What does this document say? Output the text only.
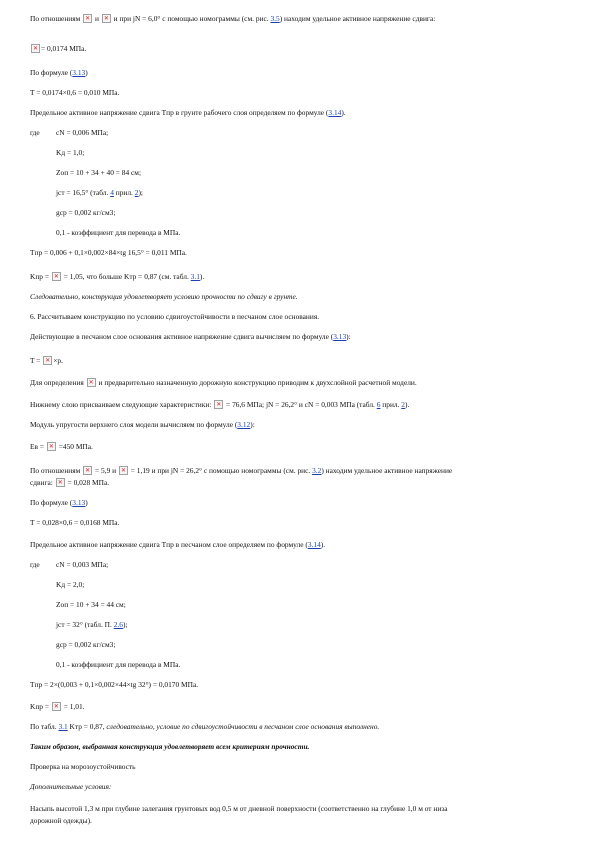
По отношениям ✕ и ✕ и при jN = 6,0° с помощью номограммы (см. рис. 3.5) находим удельное активное напряжение сдвига:
✕= 0,0174 МПа.
По формуле (3.13)
T = 0,0174×0,6 = 0,010 МПа.
Предельное активное напряжение сдвига Tпр в грунте рабочего слоя определяем по формуле (3.14).
где cN = 0,006 МПа;
Kд = 1,0;
Zоп = 10 + 34 + 40 = 84 см;
jст = 16,5° (табл. 4 прил. 2);
gср = 0,002 кг/см3;
0,1 - коэффициент для перевода в МПа.
Tпр = 0,006 + 0,1×0,002×84×tg 16,5° = 0,011 МПа.
Kпр = ✕ = 1,05, что больше Kтр = 0,87 (см. табл. 3.1).
Следовательно, конструкция удовлетворяет условию прочности по сдвигу в грунте.
6. Рассчитываем конструкцию по условию сдвигоустойчивости в песчаном слое основания.
Действующие в песчаном слое основания активное напряжение сдвига вычисляем по формуле (3.13):
T = ✕×p.
Для определения ✕ и предварительно назначенную дорожную конструкцию приводим к двухслойной расчетной модели.
Нижнему слою присваиваем следующие характеристики: ✕ = 76,6 МПа; jN = 26,2° и cN = 0,003 МПа (табл. 6 прил. 2).
Модуль упругости верхнего слоя модели вычисляем по формуле (3.12):
Eв = ✕ =450 МПа.
По отношениям ✕ = 5,9 и ✕ = 1,19 и при jN = 26,2° с помощью номограммы (см. рис. 3.2) находим удельное активное напряжение
сдвига: ✕ = 0,028 МПа.
По формуле (3.13)
T = 0,028×0,6 = 0,0168 МПа.
Предельное активное напряжение сдвига Tпр в песчаном слое определяем по формуле (3.14).
где cN = 0,003 МПа;
Kд = 2,0;
Zоп = 10 + 34 = 44 см;
jст = 32° (табл. П. 2.6);
gср = 0,002 кг/см3;
0,1 - коэффициент для перевода в МПа.
Tпр = 2×(0,003 + 0,1×0,002×44×tg 32°) = 0,0170 МПа.
Kпр = ✕ = 1,01.
По табл. 3.1 Kтр = 0,87, следовательно, условие по сдвигоустойчивости в песчаном слое основания выполнено.
Таким образом, выбранная конструкция удовлетворяет всем критериям прочности.
Проверка на морозоустойчивость
Дополнительные условия:
Насыпь высотой 1,3 м при глубине залегания грунтовых вод 0,5 м от дневной поверхности (соответственно на глубине 1,0 м от низа
дорожной одежды).
